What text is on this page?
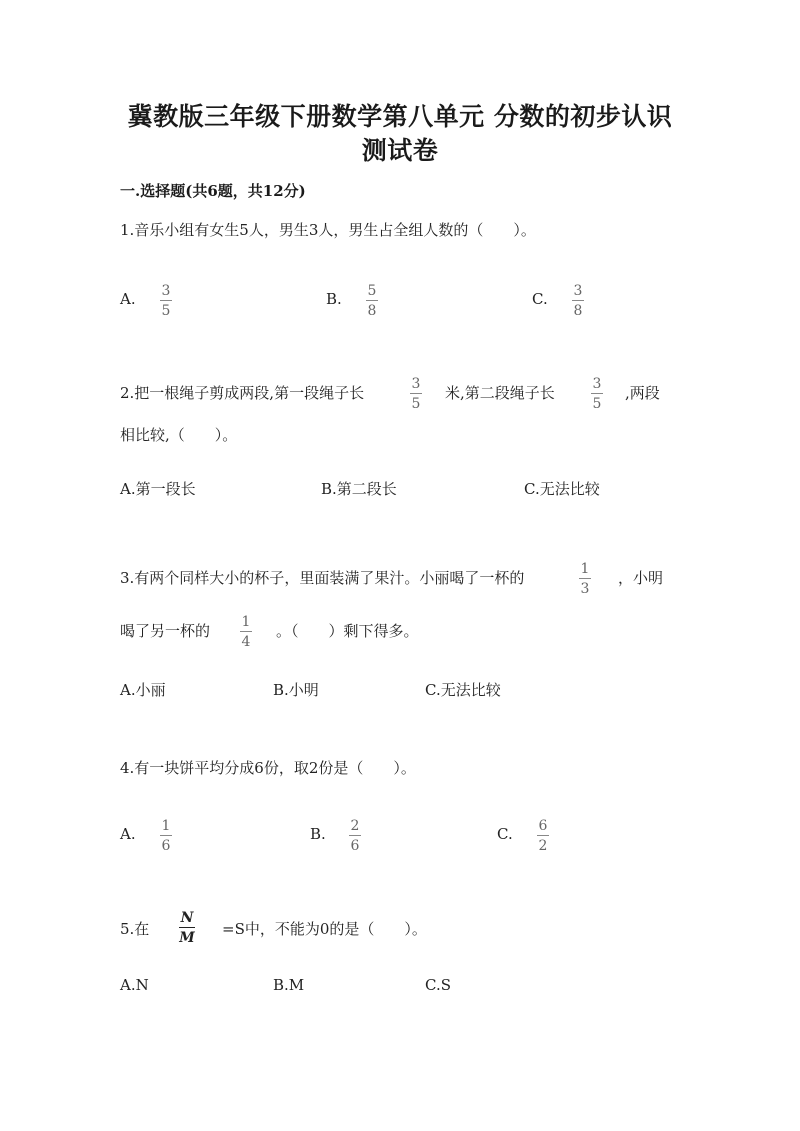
冀教版三年级下册数学第八单元 分数的初步认识
测试卷
一.选择题(共6题，共12分)
1.音乐小组有女生5人，男生3人，男生占全组人数的（　　）。
A. 3
5
B. 5
8
C. 3
8
2.把一根绳子剪成两段,第一段绳子长	3
5
米,第二段绳子长	3
5
,两段
相比较,（　　）。
A.第一段长	B.第二段长	C.无法比较
3.有两个同样大小的杯子，里面装满了果汁。小丽喝了一杯的	1
3
，小明
喝了另一杯的 1
4
。（　　）剩下得多。
A.小丽	B.小明	C.无法比较
4.有一块饼平均分成6份，取2份是（　　）。
A. 1
6
B. 2
6
C. 6
2
5.在
N
M =S中，不能为0的是（　　）。
A.N	B.M	C.S
